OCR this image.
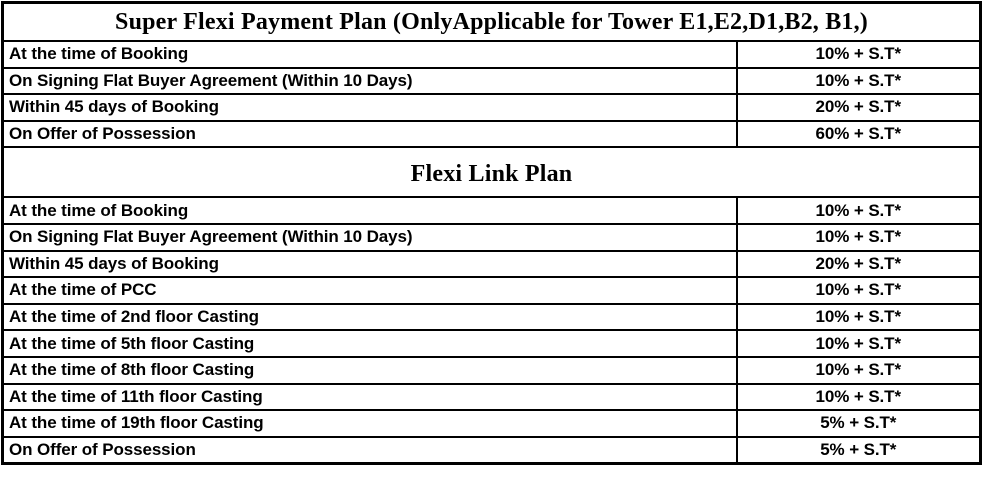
Super Flexi Payment Plan (OnlyApplicable for Tower E1,E2,D1,B2, B1,)	
At the time of Booking	10% + S.T*
On Signing Flat Buyer Agreement (Within 10 Days)	10% + S.T*
Within 45 days of Booking	20% + S.T*
On Offer of Possession	60% + S.T*
Flexi Link Plan	
At the time of Booking	10% + S.T*
On Signing Flat Buyer Agreement (Within 10 Days)	10% + S.T*
Within 45 days of Booking	20% + S.T*
At the time of PCC	10% + S.T*
At the time of 2nd floor Casting	10% + S.T*
At the time of 5th floor Casting	10% + S.T*
At the time of 8th floor Casting	10% + S.T*
At the time of 11th floor Casting	10% + S.T*
At the time of 19th floor Casting	5% + S.T*
On Offer of Possession	5% + S.T*
